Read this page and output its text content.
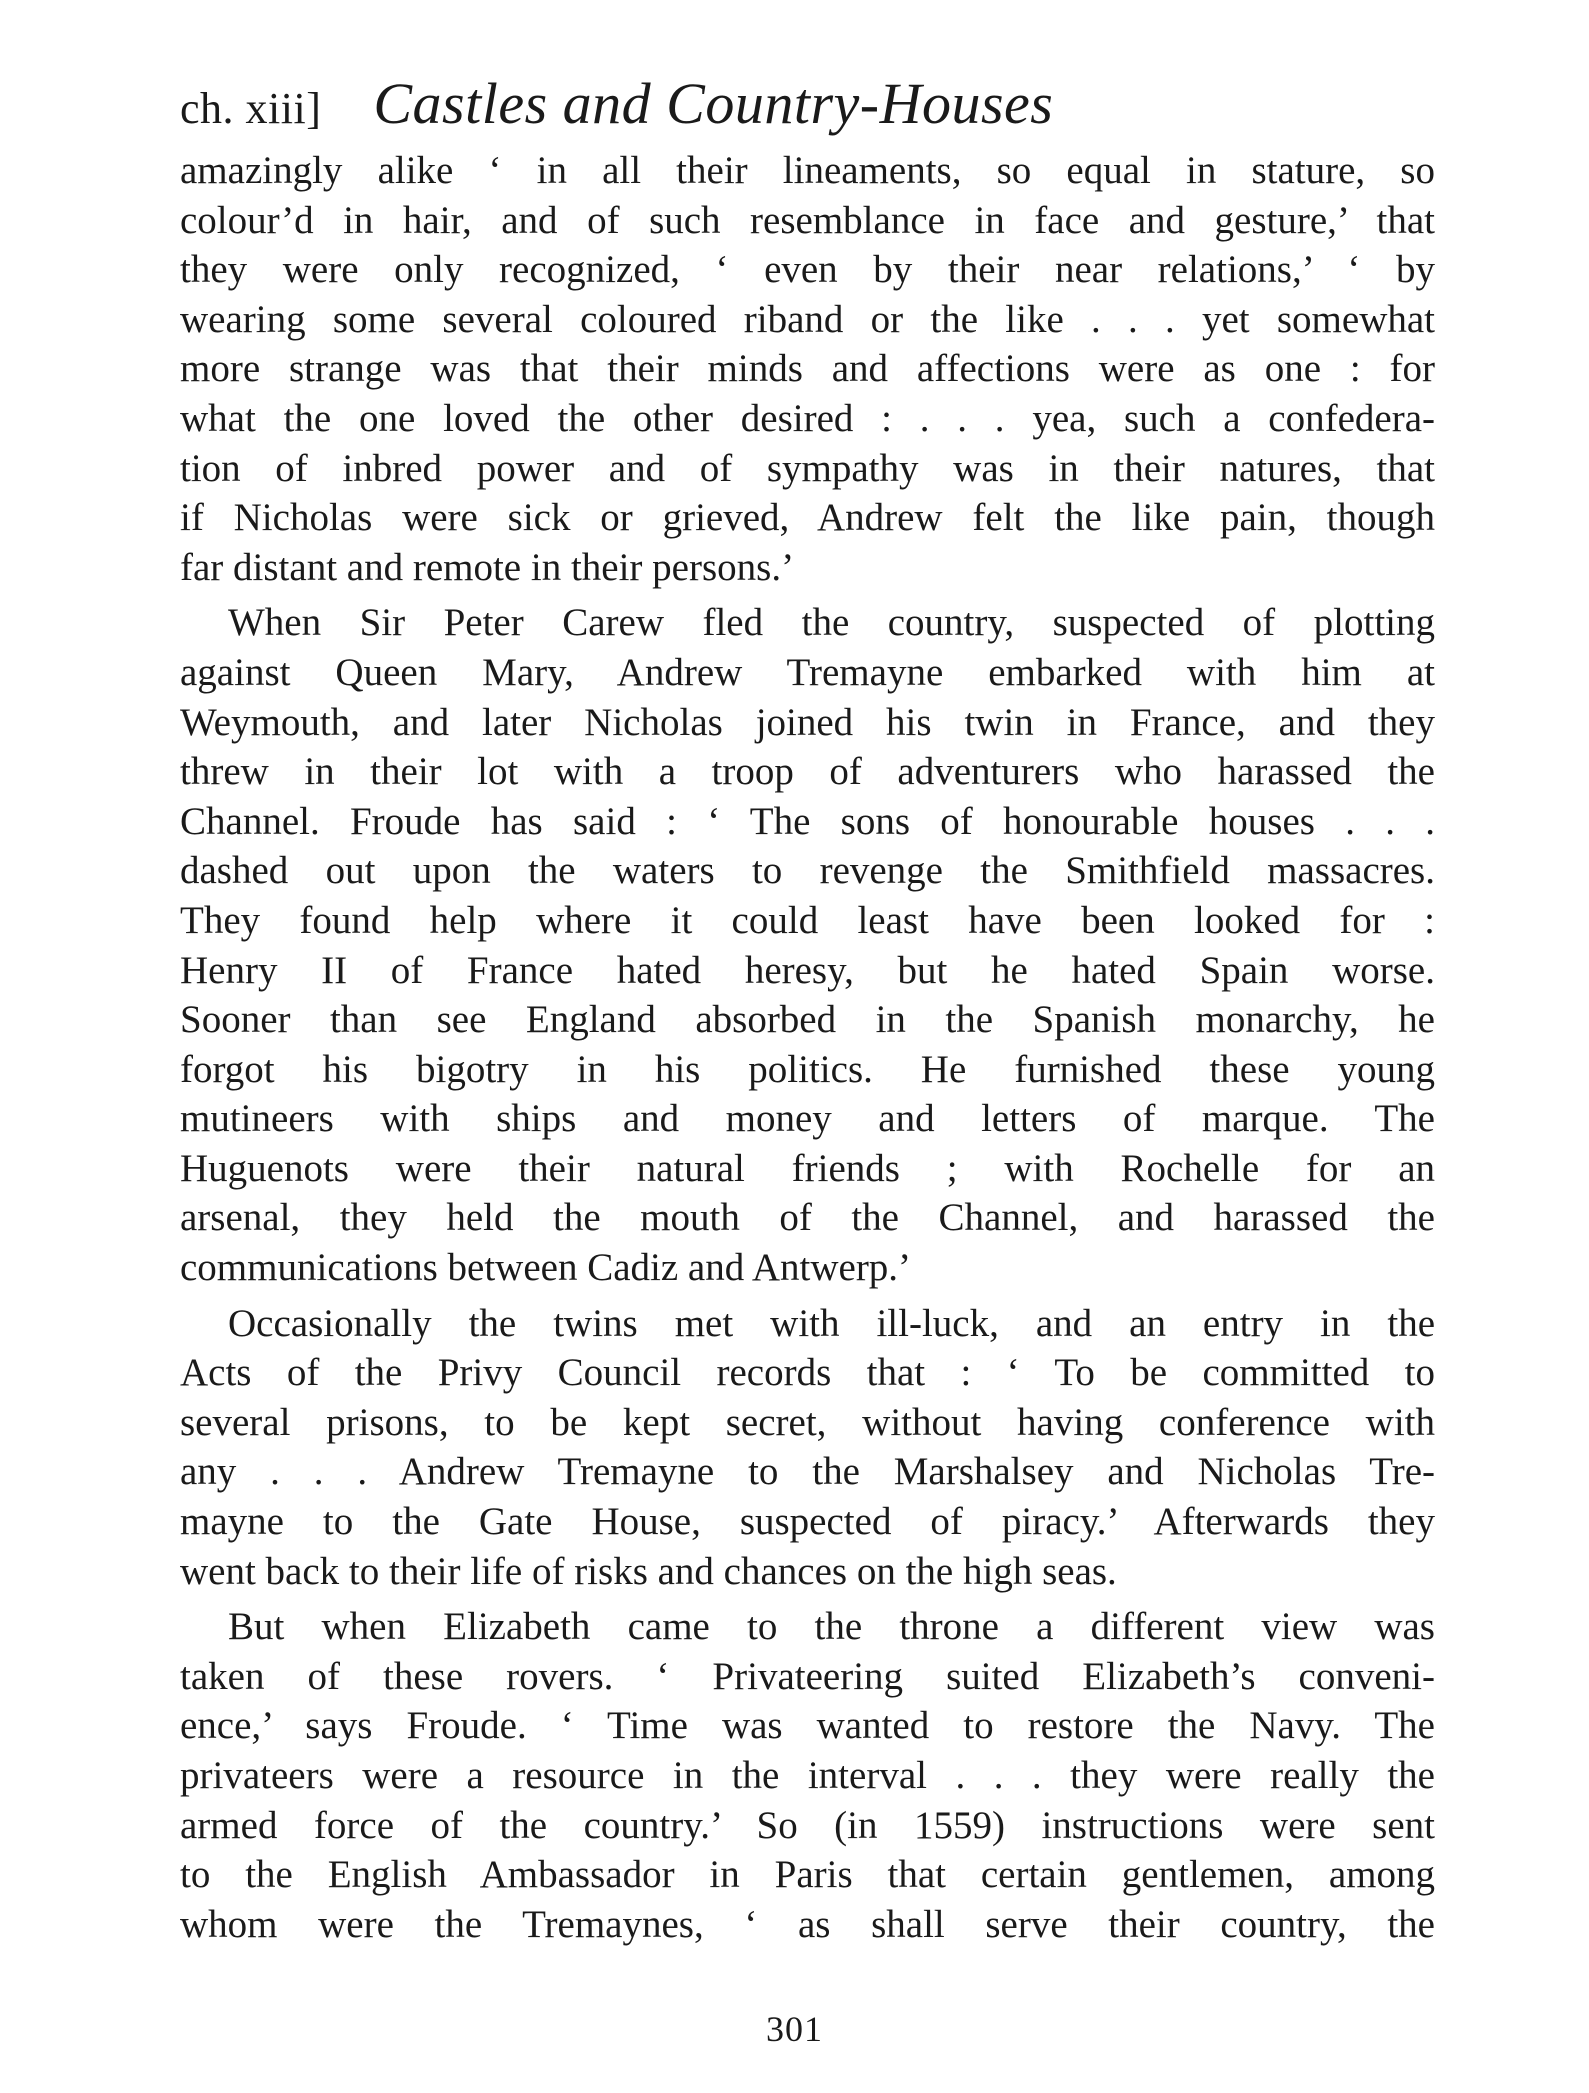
ch. xiii] Castles and Country-Houses
amazingly alike ‘ in all their lineaments, so equal in stature, so
colour’d in hair, and of such resemblance in face and gesture,’ that
they were only recognized, ‘ even by their near relations,’ ‘ by
wearing some several coloured riband or the like . . . yet somewhat
more strange was that their minds and affections were as one : for
what the one loved the other desired : . . . yea, such a confedera-
tion of inbred power and of sympathy was in their natures, that
if Nicholas were sick or grieved, Andrew felt the like pain, though
far distant and remote in their persons.’
When Sir Peter Carew fled the country, suspected of plotting
against Queen Mary, Andrew Tremayne embarked with him at
Weymouth, and later Nicholas joined his twin in France, and they
threw in their lot with a troop of adventurers who harassed the
Channel. Froude has said : ‘ The sons of honourable houses . . .
dashed out upon the waters to revenge the Smithfield massacres.
They found help where it could least have been looked for :
Henry II of France hated heresy, but he hated Spain worse.
Sooner than see England absorbed in the Spanish monarchy, he
forgot his bigotry in his politics. He furnished these young
mutineers with ships and money and letters of marque. The
Huguenots were their natural friends ; with Rochelle for an
arsenal, they held the mouth of the Channel, and harassed the
communications between Cadiz and Antwerp.’
Occasionally the twins met with ill-luck, and an entry in the
Acts of the Privy Council records that : ‘ To be committed to
several prisons, to be kept secret, without having conference with
any . . . Andrew Tremayne to the Marshalsey and Nicholas Tre-
mayne to the Gate House, suspected of piracy.’ Afterwards they
went back to their life of risks and chances on the high seas.
But when Elizabeth came to the throne a different view was
taken of these rovers. ‘ Privateering suited Elizabeth’s conveni-
ence,’ says Froude. ‘ Time was wanted to restore the Navy. The
privateers were a resource in the interval . . . they were really the
armed force of the country.’ So (in 1559) instructions were sent
to the English Ambassador in Paris that certain gentlemen, among
whom were the Tremaynes, ‘ as shall serve their country, the
301
